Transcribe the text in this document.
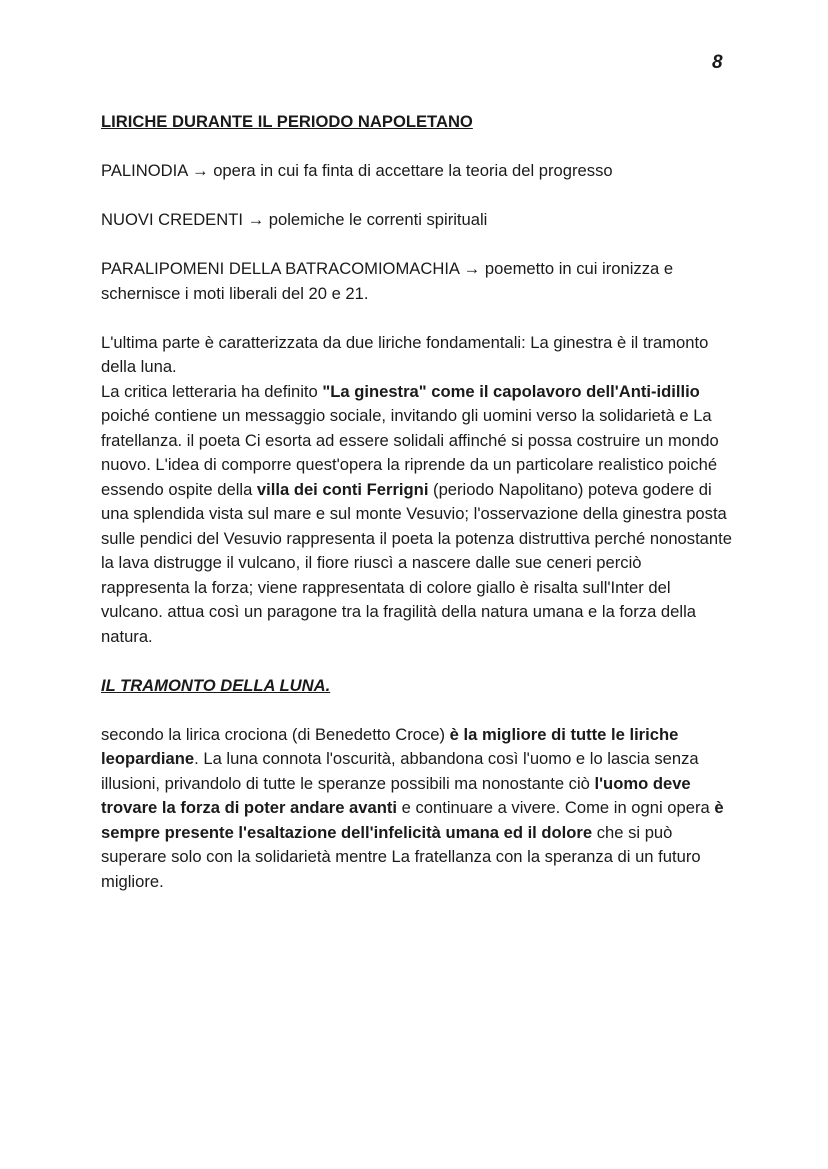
8

LIRICHE DURANTE IL PERIODO NAPOLETANO

PALINODIA → opera in cui fa finta di accettare la teoria del progresso

NUOVI CREDENTI → polemiche le correnti spirituali

PARALIPOMENI DELLA BATRACOMIOMACHIA → poemetto in cui ironizza e schernisce i moti liberali del 20 e 21.

L'ultima parte è caratterizzata da due liriche fondamentali: La ginestra è il tramonto della luna.

La critica letteraria ha definito "La ginestra" come il capolavoro dell'Anti-idillio poiché contiene un messaggio sociale, invitando gli uomini verso la solidarietà e La fratellanza. il poeta Ci esorta ad essere solidali affinché si possa costruire un mondo nuovo. L'idea di comporre quest'opera la riprende da un particolare realistico poiché essendo ospite della villa dei conti Ferrigni (periodo Napolitano) poteva godere di una splendida vista sul mare e sul monte Vesuvio; l'osservazione della ginestra posta sulle pendici del Vesuvio rappresenta il poeta la potenza distruttiva perché nonostante la lava distrugge il vulcano, il fiore riuscì a nascere dalle sue ceneri perciò rappresenta la forza; viene rappresentata di colore giallo è risalta sull'Inter del vulcano. attua così un paragone tra la fragilità della natura umana e la forza della natura.

IL TRAMONTO DELLA LUNA.

secondo la lirica crociona (di Benedetto Croce) è la migliore di tutte le liriche leopardiane. La luna connota l'oscurità, abbandona così l'uomo e lo lascia senza illusioni, privandolo di tutte le speranze possibili ma nonostante ciò l'uomo deve trovare la forza di poter andare avanti e continuare a vivere. Come in ogni opera è sempre presente l'esaltazione dell'infelicità umana ed il dolore che si può superare solo con la solidarietà mentre La fratellanza con la speranza di un futuro migliore.
